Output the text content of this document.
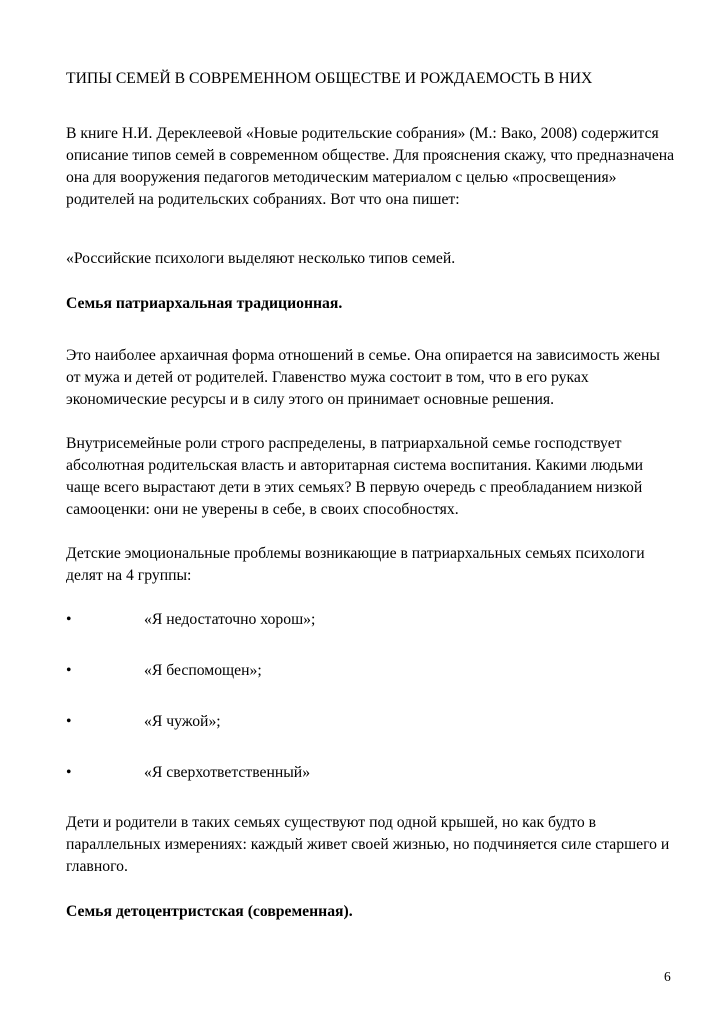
ТИПЫ СЕМЕЙ В СОВРЕМЕННОМ ОБЩЕСТВЕ И РОЖДАЕМОСТЬ В НИХ

В книге Н.И. Дереклеевой «Новые родительские собрания» (М.: Вако, 2008) содержится описание типов семей в современном обществе. Для прояснения скажу, что предназначена она для вооружения педагогов методическим материалом с целью «просвещения» родителей на родительских собраниях. Вот что она пишет:

«Российские психологи выделяют несколько типов семей.

Семья патриархальная традиционная.

Это наиболее архаичная форма отношений в семье. Она опирается на зависимость жены от мужа и детей от родителей. Главенство мужа состоит в том, что в его руках экономические ресурсы и в силу этого он принимает основные решения.

Внутрисемейные роли строго распределены, в патриархальной семье господствует абсолютная родительская власть и авторитарная система воспитания. Какими людьми чаще всего вырастают дети в этих семьях? В первую очередь с преобладанием низкой самооценки: они не уверены в себе, в своих способностях.

Детские эмоциональные проблемы возникающие в патриархальных семьях психологи делят на 4 группы:

•	«Я недостаточно хорош»;
•	«Я беспомощен»;
•	«Я чужой»;
•	«Я сверхответственный»

Дети и родители в таких семьях существуют под одной крышей, но как будто в параллельных измерениях: каждый живет своей жизнью, но подчиняется силе старшего и главного.

Семья детоцентристская (современная).

6
